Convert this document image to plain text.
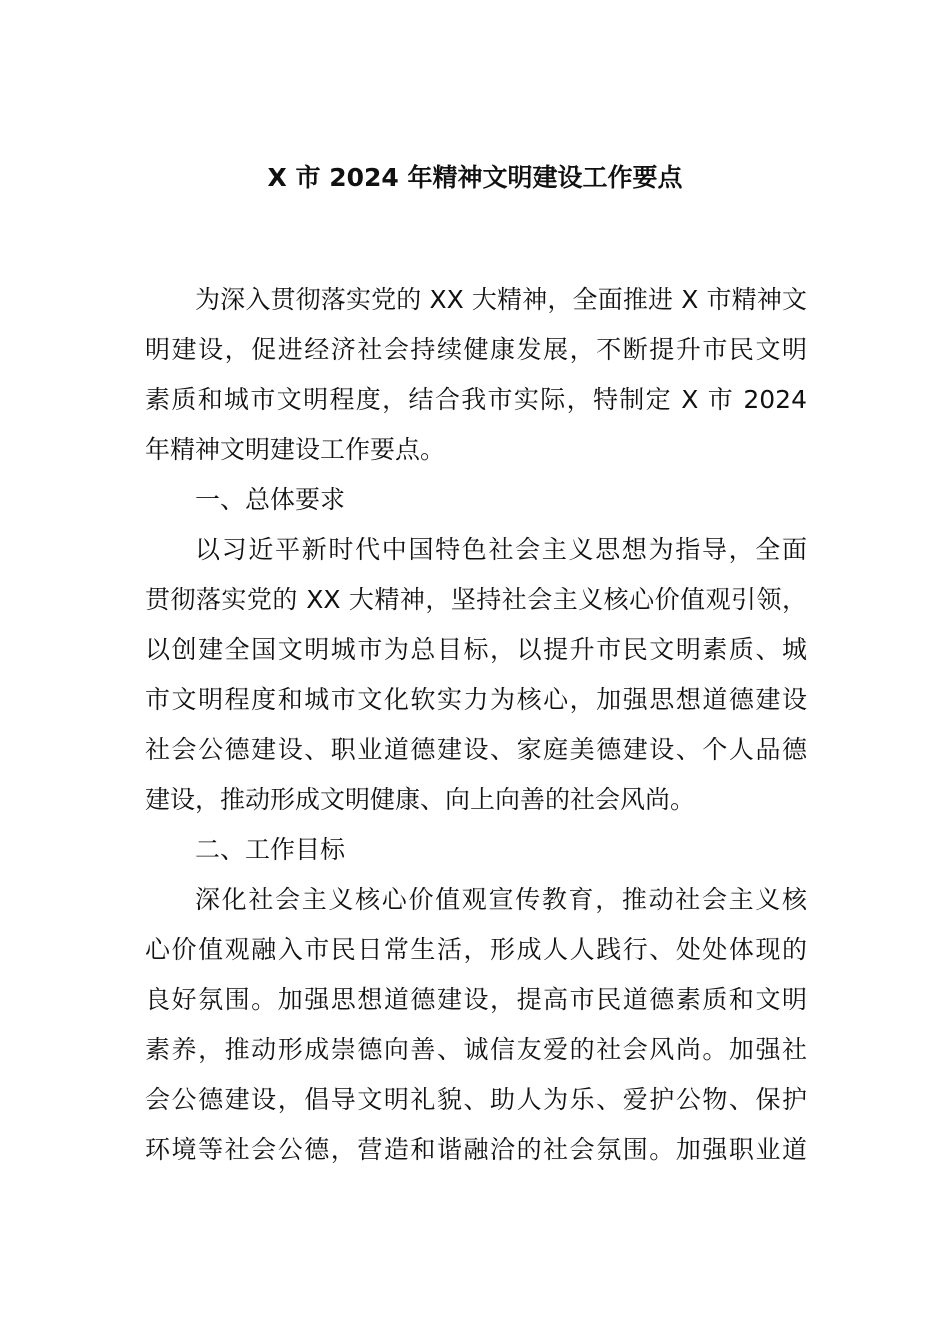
X 市 2024 年精神文明建设工作要点
为深入贯彻落实党的 XX 大精神，全面推进 X 市精神文
明建设，促进经济社会持续健康发展，不断提升市民文明
素质和城市文明程度，结合我市实际，特制定 X 市 2024
年精神文明建设工作要点。
一、总体要求
以习近平新时代中国特色社会主义思想为指导，全面
贯彻落实党的 XX 大精神，坚持社会主义核心价值观引领，
以创建全国文明城市为总目标，以提升市民文明素质、城
市文明程度和城市文化软实力为核心，加强思想道德建设
社会公德建设、职业道德建设、家庭美德建设、个人品德
建设，推动形成文明健康、向上向善的社会风尚。
二、工作目标
深化社会主义核心价值观宣传教育，推动社会主义核
心价值观融入市民日常生活，形成人人践行、处处体现的
良好氛围。加强思想道德建设，提高市民道德素质和文明
素养，推动形成崇德向善、诚信友爱的社会风尚。加强社
会公德建设，倡导文明礼貌、助人为乐、爱护公物、保护
环境等社会公德，营造和谐融洽的社会氛围。加强职业道
